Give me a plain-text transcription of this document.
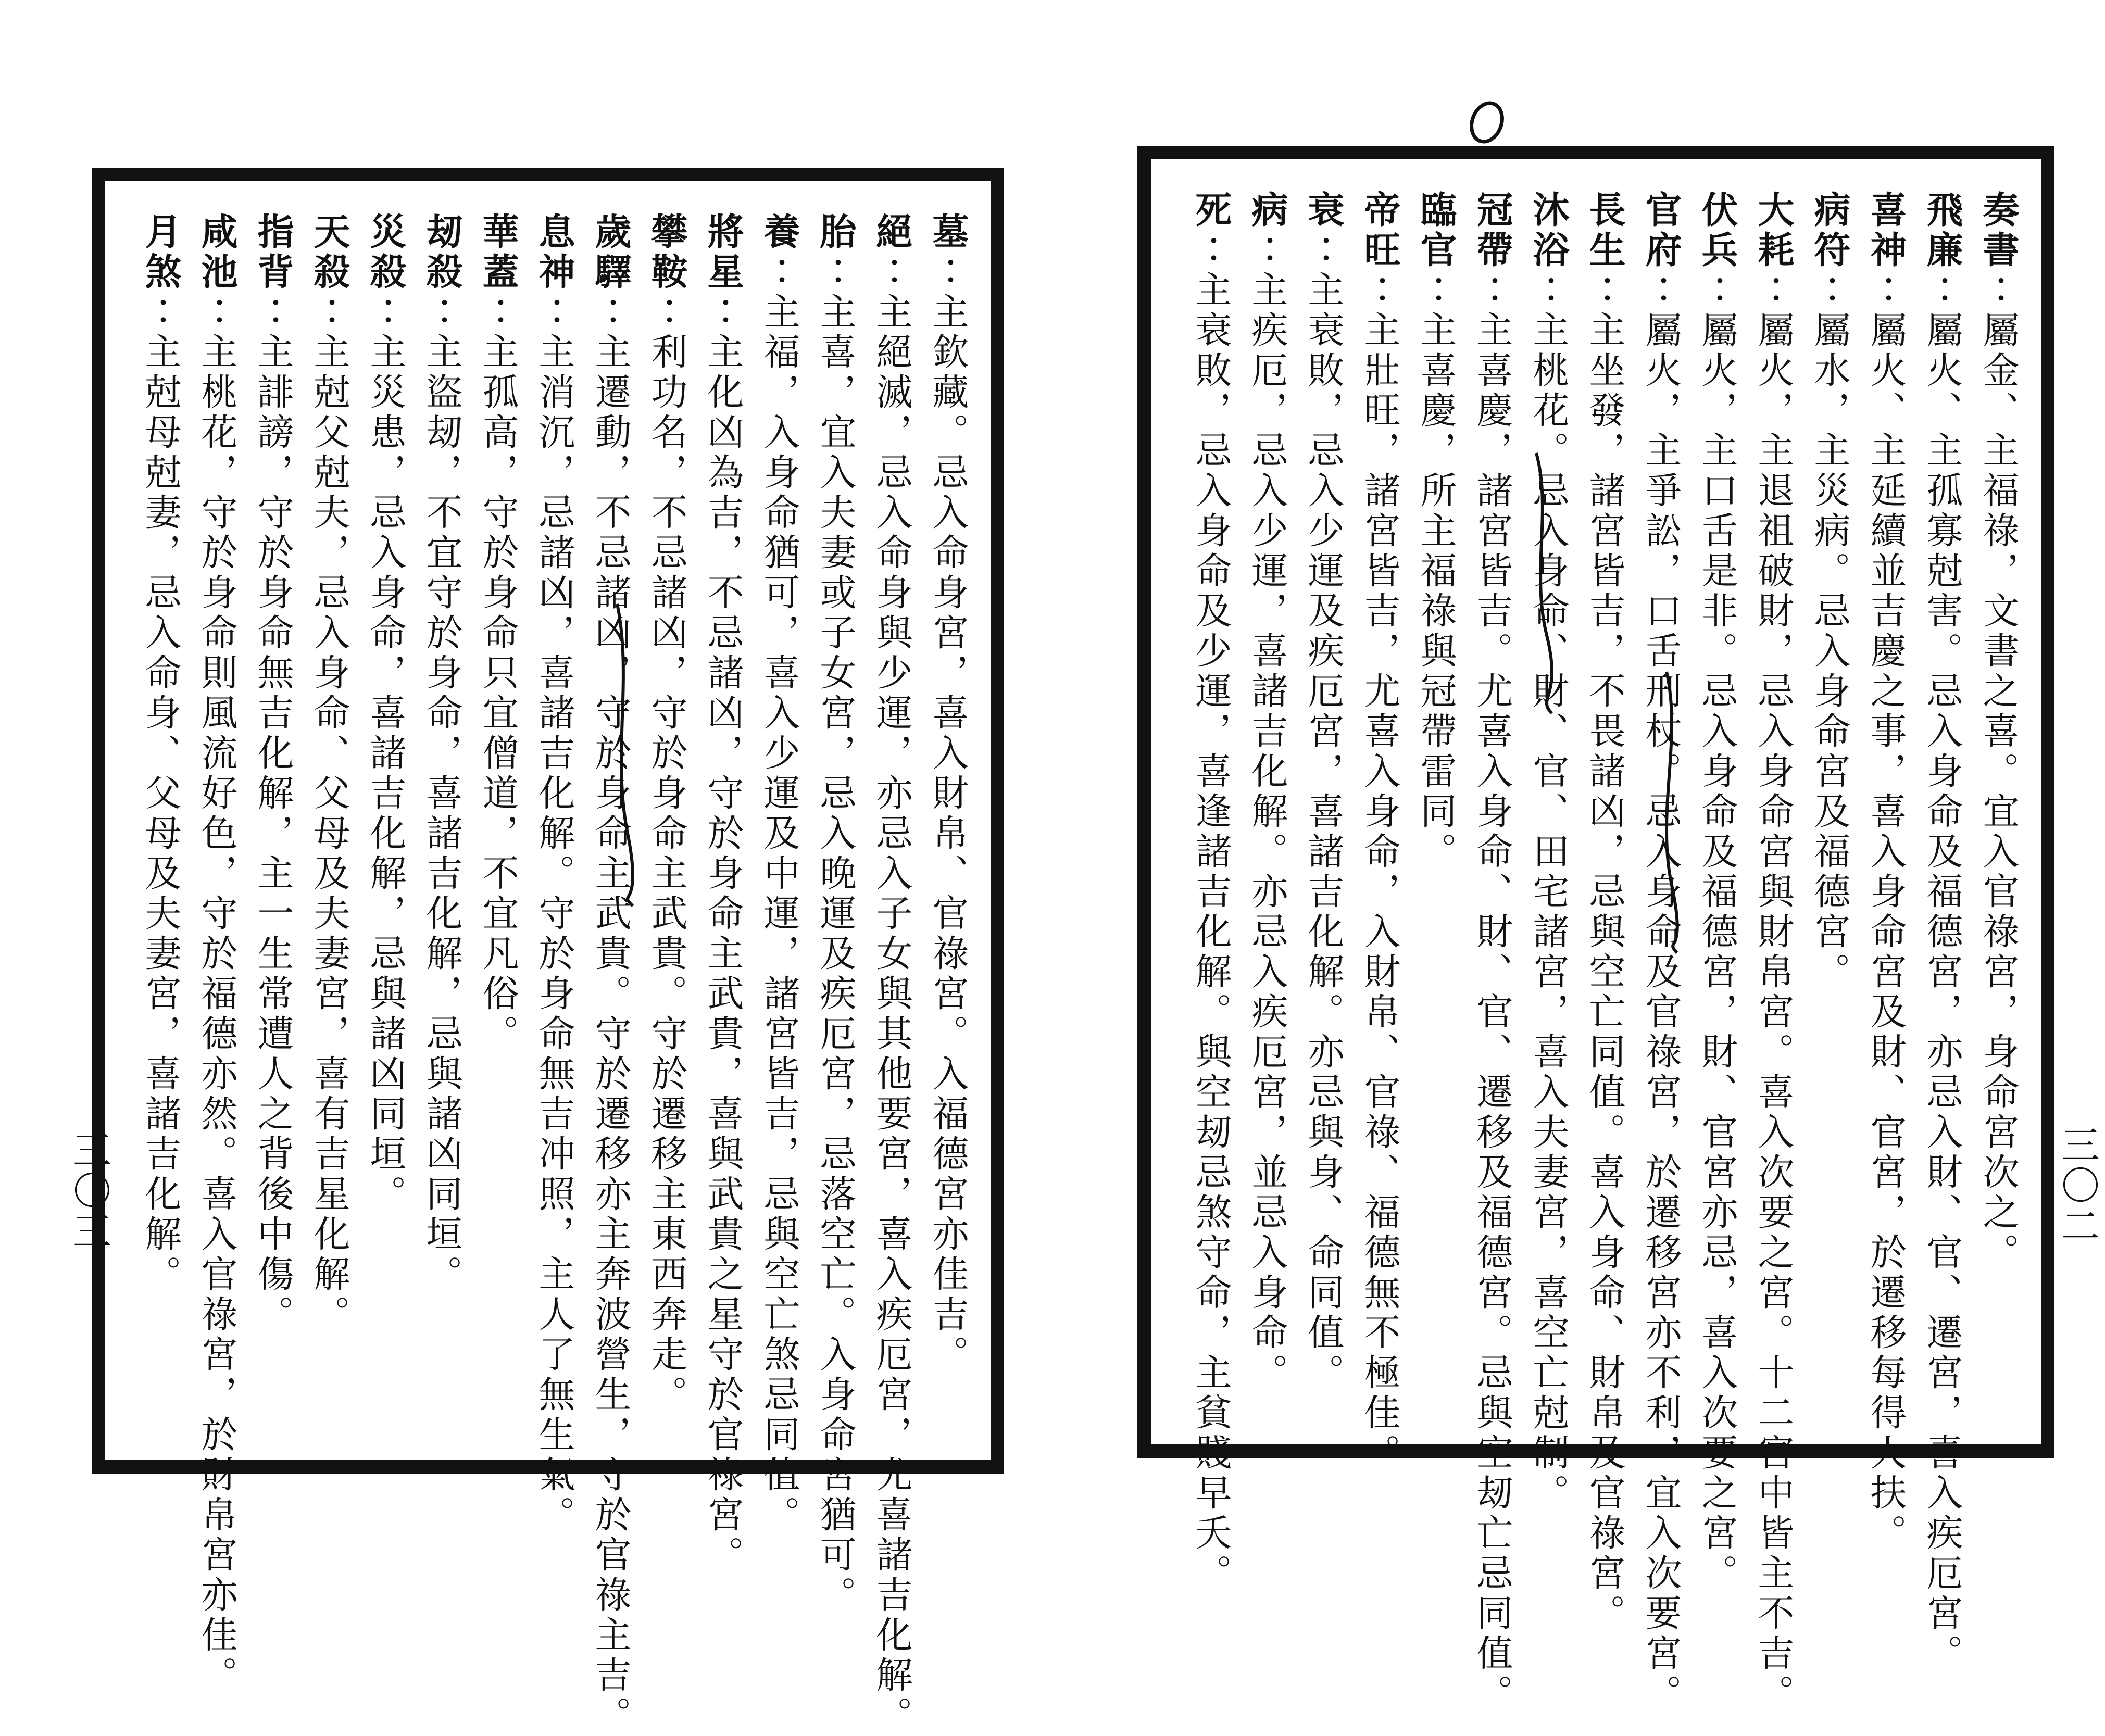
奏書∶屬金、主福祿，文書之喜。宜入官祿宮，身命宮次之。
飛廉∶屬火、主孤寡尅害。忌入身命及福德宮，亦忌入財、官、遷宮，喜入疾厄宮。
喜神∶屬火、主延續並吉慶之事，喜入身命宮及財、官宮，於遷移每得人扶。
病符∶屬水，主災病。忌入身命宮及福德宮。
大耗∶屬火，主退祖破財，忌入身命宮與財帛宮。喜入次要之宮。十二宮中皆主不吉。
伏兵∶屬火，主口舌是非。忌入身命及福德宮，財、官宮亦忌，喜入次要之宮。
官府∶屬火，主爭訟，口舌刑杖。忌入身命及官祿宮，於遷移宮亦不利，宜入次要宮。
長生∶主坐發，諸宮皆吉，不畏諸凶，忌與空亡同值。喜入身命、財帛及官祿宮。
沐浴∶主桃花。忌入身命、財、官、田宅諸宮，喜入夫妻宮，喜空亡尅制。
冠帶∶主喜慶，諸宮皆吉。尤喜入身命、財、官、遷移及福德宮。忌與空刼亡忌同值。
臨官∶主喜慶，所主福祿與冠帶雷同。
帝旺∶主壯旺，諸宮皆吉，尤喜入身命，入財帛、官祿、福德無不極佳。
衰∶主衰敗，忌入少運及疾厄宮，喜諸吉化解。亦忌與身、命同值。
病∶主疾厄，忌入少運，喜諸吉化解。亦忌入疾厄宮，並忌入身命。
死∶主衰敗，忌入身命及少運，喜逢諸吉化解。與空刼忌煞守命，主貧賤早夭。
墓∶主欽藏。忌入命身宮，喜入財帛、官祿宮。入福德宮亦佳吉。
絕∶主絕滅，忌入命身與少運，亦忌入子女與其他要宮，喜入疾厄宮，尤喜諸吉化解。
胎∶主喜，宜入夫妻或子女宮，忌入晚運及疾厄宮，忌落空亡。入身命宮猶可。
養∶主福，入身命猶可，喜入少運及中運，諸宮皆吉，忌與空亡煞忌同值。
將星∶主化凶為吉，不忌諸凶，守於身命主武貴，喜與武貴之星守於官祿宮。
攀鞍∶利功名，不忌諸凶，守於身命主武貴。守於遷移主東西奔走。
歲驛∶主遷動，不忌諸凶，守於身命主武貴。守於遷移亦主奔波營生，守於官祿主吉。
息神∶主消沉，忌諸凶，喜諸吉化解。守於身命無吉冲照，主人了無生氣。
華蓋∶主孤高，守於身命只宜僧道，不宜凡俗。
刼殺∶主盜刼，不宜守於身命，喜諸吉化解，忌與諸凶同垣。
災殺∶主災患，忌入身命，喜諸吉化解，忌與諸凶同垣。
天殺∶主尅父尅夫，忌入身命、父母及夫妻宮，喜有吉星化解。
指背∶主誹謗，守於身命無吉化解，主一生常遭人之背後中傷。
咸池∶主桃花，守於身命則風流好色，守於福德亦然。喜入官祿宮，於財帛宮亦佳。
月煞∶主尅母尅妻，忌入命身、父母及夫妻宮，喜諸吉化解。
三〇三	三〇二
